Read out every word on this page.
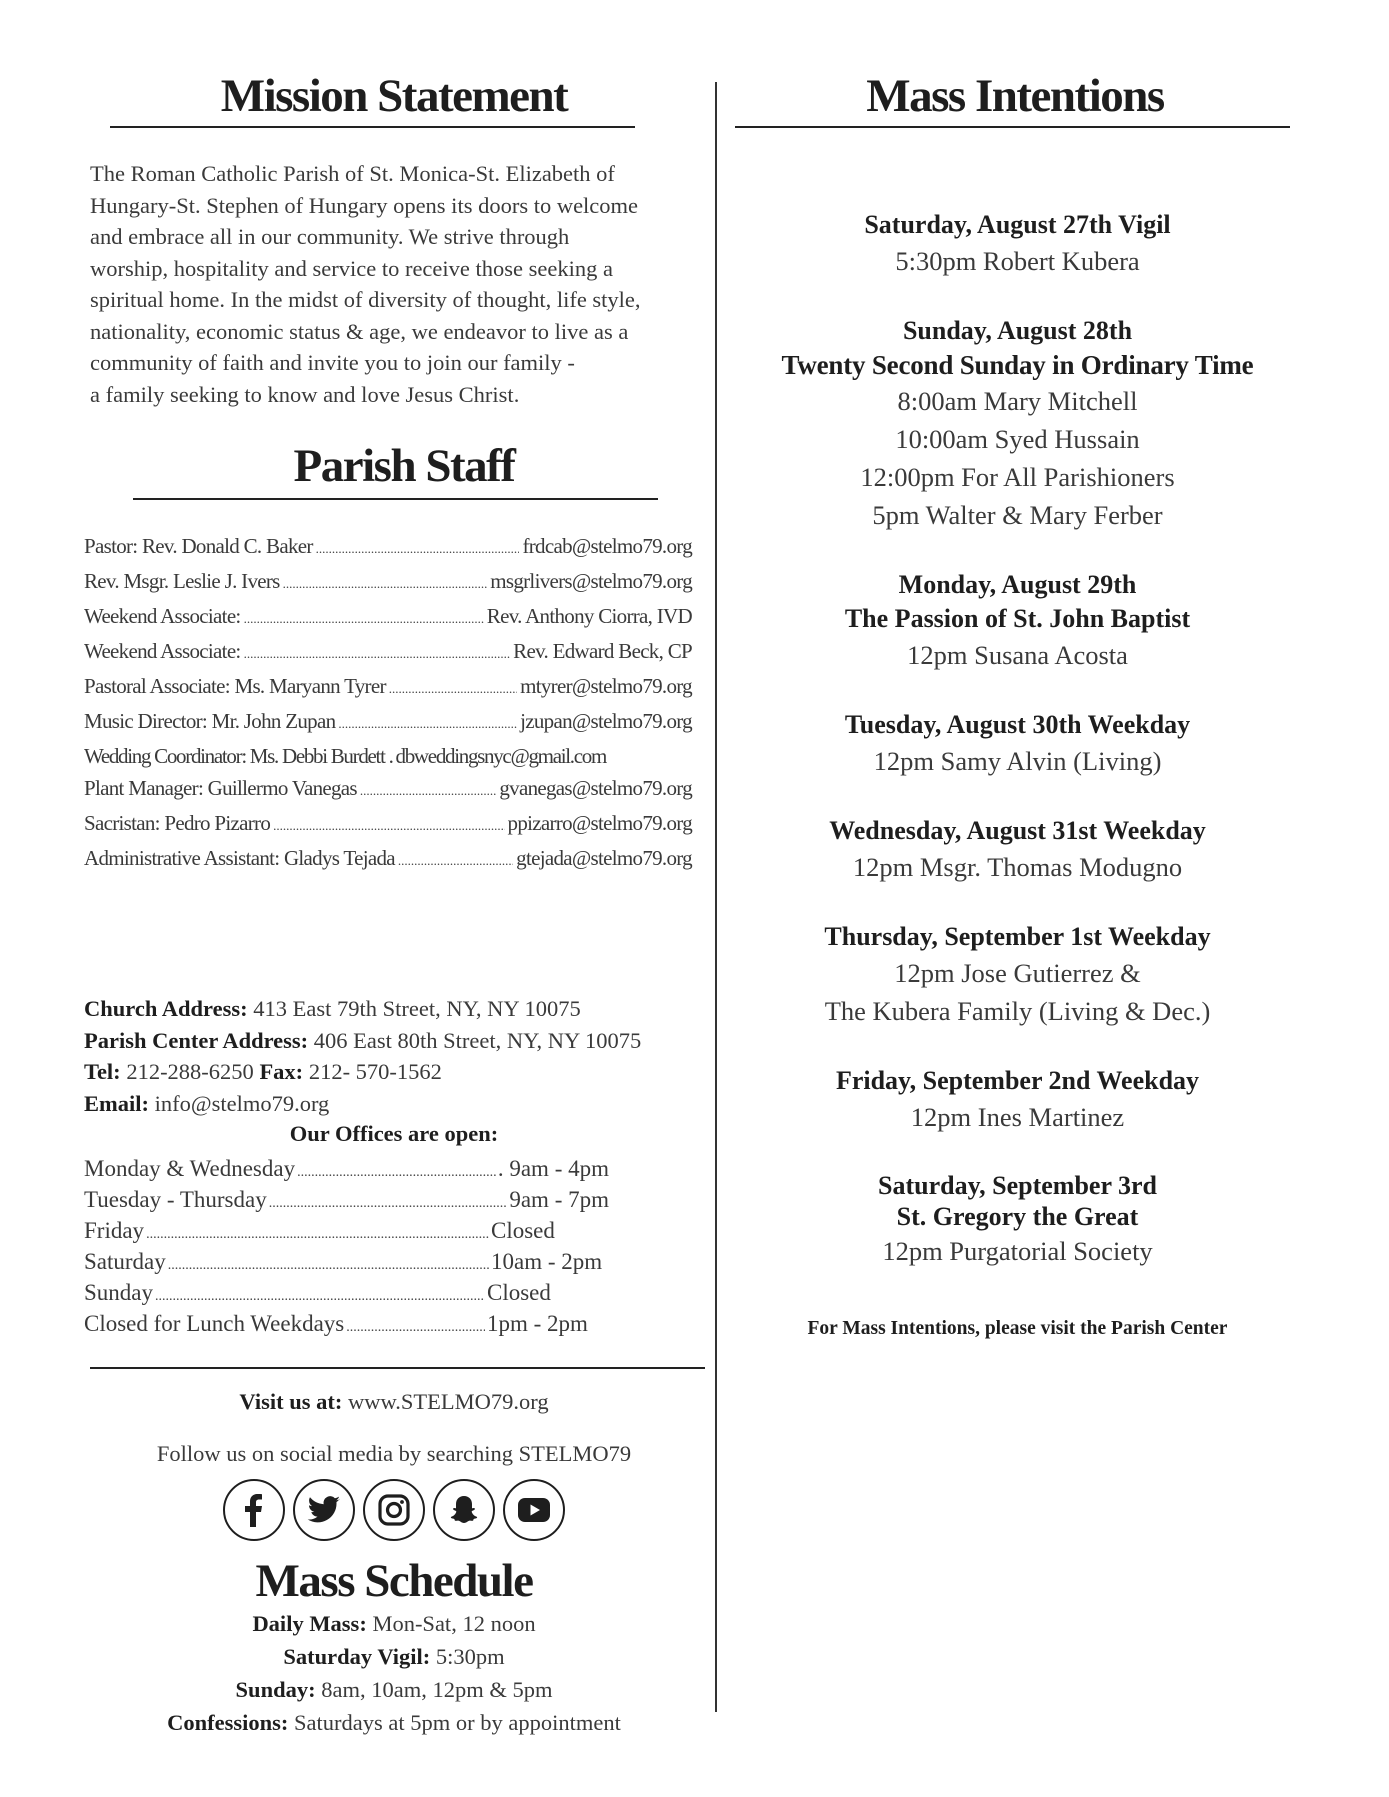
Mission Statement
The Roman Catholic Parish of St. Monica-St. Elizabeth of
Hungary-St. Stephen of Hungary opens its doors to welcome
and embrace all in our community. We strive through
worship, hospitality and service to receive those seeking a
spiritual home. In the midst of diversity of thought, life style,
nationality, economic status & age, we endeavor to live as a
community of faith and invite you to join our family -
a family seeking to know and love Jesus Christ.
Parish Staff
Pastor: Rev. Donald C. Baker .....	frdcab@stelmo79.org
Rev. Msgr. Leslie J. Ivers .....	msgrlivers@stelmo79.org
Weekend Associate: .....	Rev. Anthony Ciorra, IVD
Weekend Associate: .....	Rev. Edward Beck, CP
Pastoral Associate: Ms. Maryann Tyrer .....	mtyrer@stelmo79.org
Music Director: Mr. John Zupan .....	jzupan@stelmo79.org
Wedding Coordinator: Ms. Debbi Burdett . dbweddingsnyc@gmail.com
Plant Manager: Guillermo Vanegas .....	gvanegas@stelmo79.org
Sacristan: Pedro Pizarro .....	ppizarro@stelmo79.org
Administrative Assistant: Gladys Tejada .....	gtejada@stelmo79.org
Church Address: 413 East 79th Street, NY, NY 10075
Parish Center Address: 406 East 80th Street, NY, NY 10075
Tel: 212-288-6250 Fax: 212- 570-1562
Email: info@stelmo79.org
Our Offices are open:
Monday & Wednesday .....	. 9am - 4pm
Tuesday - Thursday .....	9am - 7pm
Friday .....	Closed
Saturday .....	10am - 2pm
Sunday .....	Closed
Closed for Lunch Weekdays .....	1pm - 2pm
Visit us at: www.STELMO79.org
Follow us on social media by searching STELMO79
Mass Schedule
Daily Mass: Mon-Sat, 12 noon
Saturday Vigil: 5:30pm
Sunday: 8am, 10am, 12pm & 5pm
Confessions: Saturdays at 5pm or by appointment
Mass Intentions
Saturday, August 27th Vigil
5:30pm Robert Kubera
Sunday, August 28th
Twenty Second Sunday in Ordinary Time
8:00am Mary Mitchell
10:00am Syed Hussain
12:00pm For All Parishioners
5pm Walter & Mary Ferber
Monday, August 29th
The Passion of St. John Baptist
12pm Susana Acosta
Tuesday, August 30th Weekday
12pm Samy Alvin (Living)
Wednesday, August 31st Weekday
12pm Msgr. Thomas Modugno
Thursday, September 1st Weekday
12pm Jose Gutierrez &
The Kubera Family (Living & Dec.)
Friday, September 2nd Weekday
12pm Ines Martinez
Saturday, September 3rd
St. Gregory the Great
12pm Purgatorial Society
For Mass Intentions, please visit the Parish Center
